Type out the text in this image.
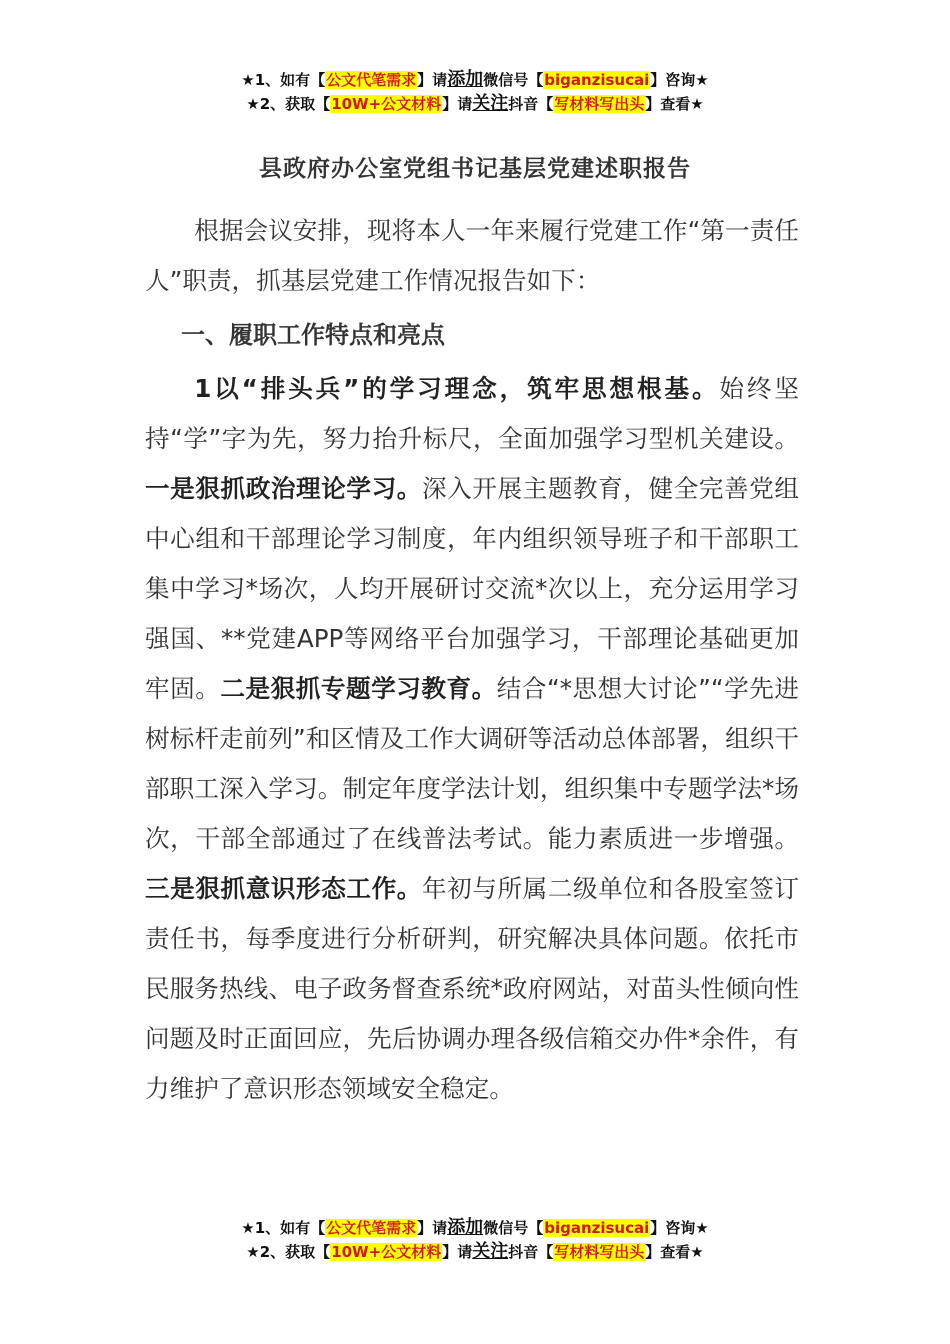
★1、如有【公文代笔需求】请添加微信号【biganzisucai】咨询★
★2、获取【10W+公文材料】请关注抖音【写材料写出头】查看★
县政府办公室党组书记基层党建述职报告

根据会议安排，现将本人一年来履行党建工作“第一责任人”职责，抓基层党建工作情况报告如下：

一、履职工作特点和亮点

1以“排头兵”的学习理念，筑牢思想根基。始终坚持“学”字为先，努力抬升标尺，全面加强学习型机关建设。一是狠抓政治理论学习。深入开展主题教育，健全完善党组中心组和干部理论学习制度，年内组织领导班子和干部职工集中学习*场次，人均开展研讨交流*次以上，充分运用学习强国、**党建APP等网络平台加强学习，干部理论基础更加牢固。二是狠抓专题学习教育。结合“*思想大讨论”“学先进树标杆走前列”和区情及工作大调研等活动总体部署，组织干部职工深入学习。制定年度学法计划，组织集中专题学法*场次，干部全部通过了在线普法考试。能力素质进一步增强。三是狠抓意识形态工作。年初与所属二级单位和各股室签订责任书，每季度进行分析研判，研究解决具体问题。依托市民服务热线、电子政务督查系统*政府网站，对苗头性倾向性问题及时正面回应，先后协调办理各级信箱交办件*余件，有力维护了意识形态领域安全稳定。

★1、如有【公文代笔需求】请添加微信号【biganzisucai】咨询★
★2、获取【10W+公文材料】请关注抖音【写材料写出头】查看★
